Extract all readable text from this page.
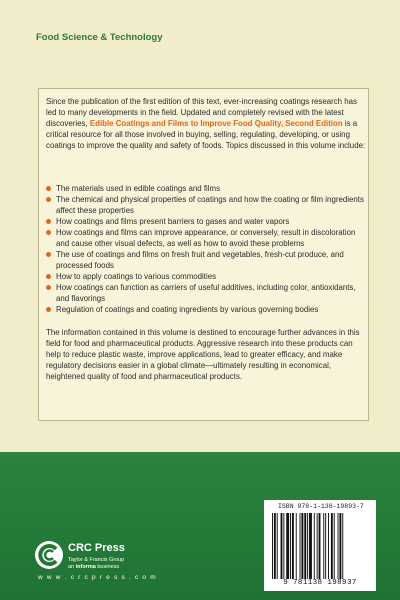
Food Science & Technology

Since the publication of the first edition of this text, ever-increasing coatings research has led to many developments in the field. Updated and completely revised with the latest discoveries, Edible Coatings and Films to Improve Food Quality, Second Edition is a critical resource for all those involved in buying, selling, regulating, developing, or using coatings to improve the quality and safety of foods. Topics discussed in this volume include:

The materials used in edible coatings and films
The chemical and physical properties of coatings and how the coating or film ingredients affect these properties
How coatings and films present barriers to gases and water vapors
How coatings and films can improve appearance, or conversely, result in discoloration and cause other visual defects, as well as how to avoid these problems
The use of coatings and films on fresh fruit and vegetables, fresh-cut produce, and processed foods
How to apply coatings to various commodities
How coatings can function as carriers of useful additives, including color, antioxidants, and flavorings
Regulation of coatings and coating ingredients by various governing bodies

The information contained in this volume is destined to encourage further advances in this field for food and pharmaceutical products. Aggressive research into these products can help to reduce plastic waste, improve applications, lead to greater efficacy, and make regulatory decisions easier in a global climate—ultimately resulting in economical, heightened quality of food and pharmaceutical products.

CRC Press
Taylor & Francis Group
an informa business
w w w . c r c p r e s s . c o m
ISBN 978-1-138-19893-7
9 781138 198937
